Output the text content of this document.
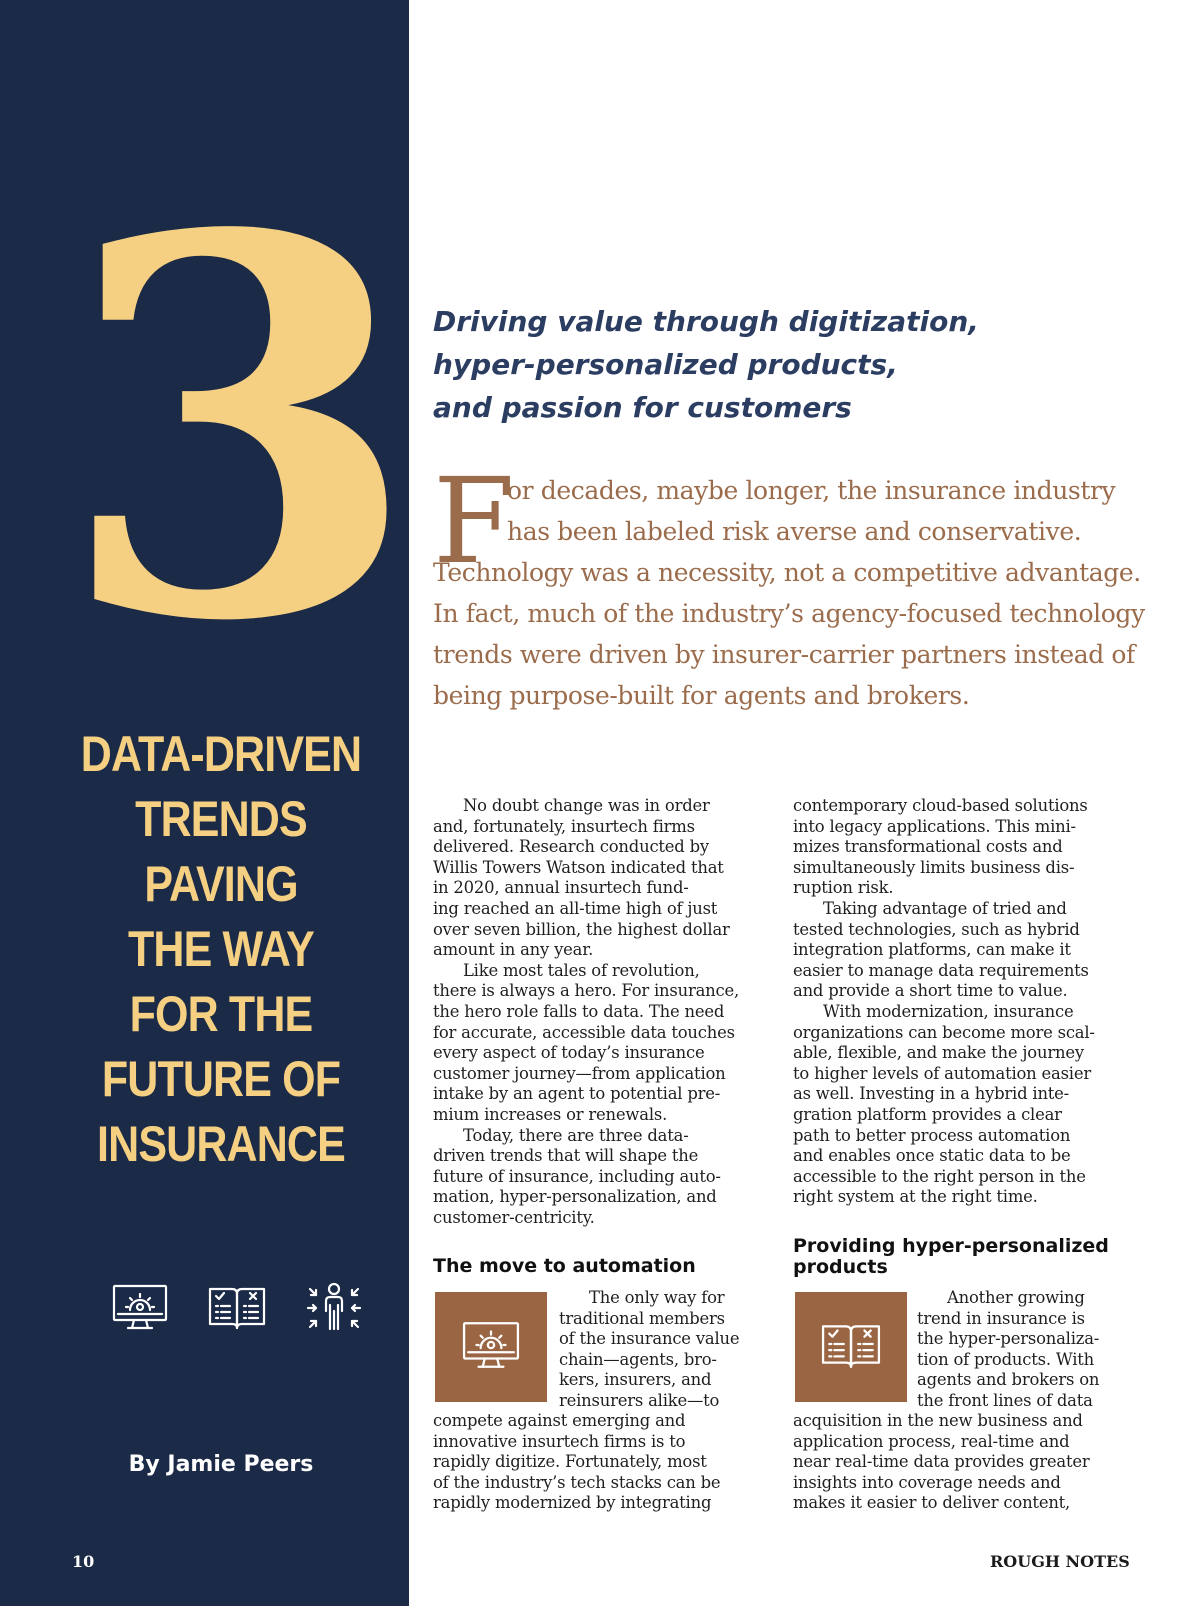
3
DATA-DRIVEN
TRENDS
PAVING
THE WAY
FOR THE
FUTURE OF
INSURANCE
By Jamie Peers
10
Driving value through digitization,
hyper-personalized products,
and passion for customers
F
or decades, maybe longer, the insurance industry
has been labeled risk averse and conservative.
Technology was a necessity, not a competitive advantage.
In fact, much of the industry’s agency-focused technology
trends were driven by insurer-carrier partners instead of
being purpose-built for agents and brokers.
No doubt change was in order
and, fortunately, insurtech firms
delivered. Research conducted by
Willis Towers Watson indicated that
in 2020, annual insurtech fund-
ing reached an all-time high of just
over seven billion, the highest dollar
amount in any year.
Like most tales of revolution,
there is always a hero. For insurance,
the hero role falls to data. The need
for accurate, accessible data touches
every aspect of today’s insurance
customer journey—from application
intake by an agent to potential pre-
mium increases or renewals.
Today, there are three data-
driven trends that will shape the
future of insurance, including auto-
mation, hyper-personalization, and
customer-centricity.
contemporary cloud-based solutions
into legacy applications. This mini-
mizes transformational costs and
simultaneously limits business dis-
ruption risk.
Taking advantage of tried and
tested technologies, such as hybrid
integration platforms, can make it
easier to manage data requirements
and provide a short time to value.
With modernization, insurance
organizations can become more scal-
able, flexible, and make the journey
to higher levels of automation easier
as well. Investing in a hybrid inte-
gration platform provides a clear
path to better process automation
and enables once static data to be
accessible to the right person in the
right system at the right time.
The move to automation
Providing hyper-personalized
products
The only way for
traditional members
of the insurance value
chain—agents, bro-
kers, insurers, and
reinsurers alike—to
Another growing
trend in insurance is
the hyper-personaliza-
tion of products. With
agents and brokers on
the front lines of data
compete against emerging and
innovative insurtech firms is to
rapidly digitize. Fortunately, most
of the industry’s tech stacks can be
rapidly modernized by integrating
acquisition in the new business and
application process, real-time and
near real-time data provides greater
insights into coverage needs and
makes it easier to deliver content,
ROUGH NOTES
